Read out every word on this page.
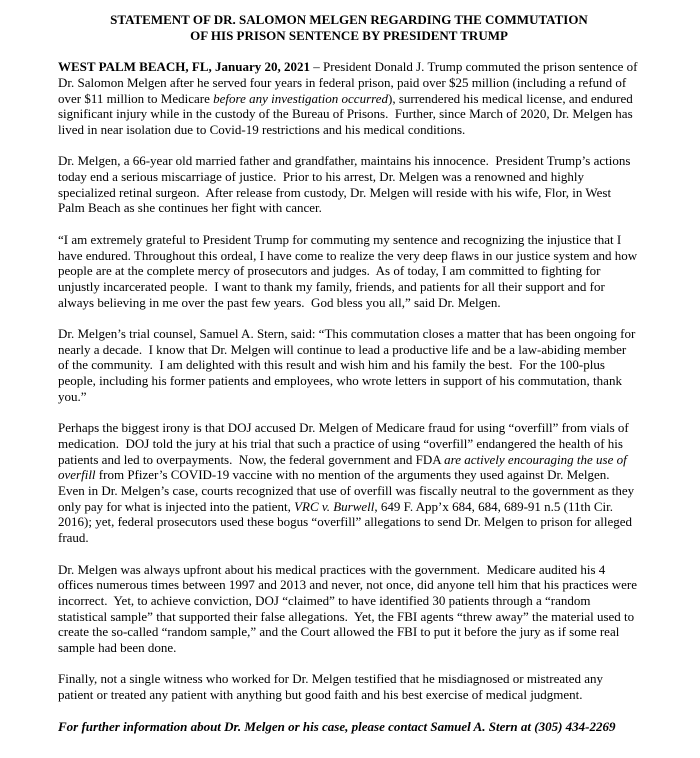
STATEMENT OF DR. SALOMON MELGEN REGARDING THE COMMUTATION
OF HIS PRISON SENTENCE BY PRESIDENT TRUMP

WEST PALM BEACH, FL, January 20, 2021 – President Donald J. Trump commuted the prison sentence of Dr. Salomon Melgen after he served four years in federal prison, paid over $25 million (including a refund of over $11 million to Medicare before any investigation occurred), surrendered his medical license, and endured significant injury while in the custody of the Bureau of Prisons.  Further, since March of 2020, Dr. Melgen has lived in near isolation due to Covid-19 restrictions and his medical conditions.

Dr. Melgen, a 66-year old married father and grandfather, maintains his innocence.  President Trump’s actions today end a serious miscarriage of justice.  Prior to his arrest, Dr. Melgen was a renowned and highly specialized retinal surgeon.  After release from custody, Dr. Melgen will reside with his wife, Flor, in West Palm Beach as she continues her fight with cancer.

“I am extremely grateful to President Trump for commuting my sentence and recognizing the injustice that I have endured. Throughout this ordeal, I have come to realize the very deep flaws in our justice system and how people are at the complete mercy of prosecutors and judges.  As of today, I am committed to fighting for unjustly incarcerated people.  I want to thank my family, friends, and patients for all their support and for always believing in me over the past few years.  God bless you all,” said Dr. Melgen.

Dr. Melgen’s trial counsel, Samuel A. Stern, said: “This commutation closes a matter that has been ongoing for nearly a decade.  I know that Dr. Melgen will continue to lead a productive life and be a law-abiding member of the community.  I am delighted with this result and wish him and his family the best.  For the 100-plus people, including his former patients and employees, who wrote letters in support of his commutation, thank you.”

Perhaps the biggest irony is that DOJ accused Dr. Melgen of Medicare fraud for using “overfill” from vials of medication.  DOJ told the jury at his trial that such a practice of using “overfill” endangered the health of his patients and led to overpayments.  Now, the federal government and FDA are actively encouraging the use of overfill from Pfizer’s COVID-19 vaccine with no mention of the arguments they used against Dr. Melgen.  Even in Dr. Melgen’s case, courts recognized that use of overfill was fiscally neutral to the government as they only pay for what is injected into the patient, VRC v. Burwell, 649 F. App’x 684, 684, 689-91 n.5 (11th Cir. 2016); yet, federal prosecutors used these bogus “overfill” allegations to send Dr. Melgen to prison for alleged fraud.

Dr. Melgen was always upfront about his medical practices with the government.  Medicare audited his 4 offices numerous times between 1997 and 2013 and never, not once, did anyone tell him that his practices were incorrect.  Yet, to achieve conviction, DOJ “claimed” to have identified 30 patients through a “random statistical sample” that supported their false allegations.  Yet, the FBI agents “threw away” the material used to create the so-called “random sample,” and the Court allowed the FBI to put it before the jury as if some real sample had been done.

Finally, not a single witness who worked for Dr. Melgen testified that he misdiagnosed or mistreated any patient or treated any patient with anything but good faith and his best exercise of medical judgment.

For further information about Dr. Melgen or his case, please contact Samuel A. Stern at (305) 434-2269
